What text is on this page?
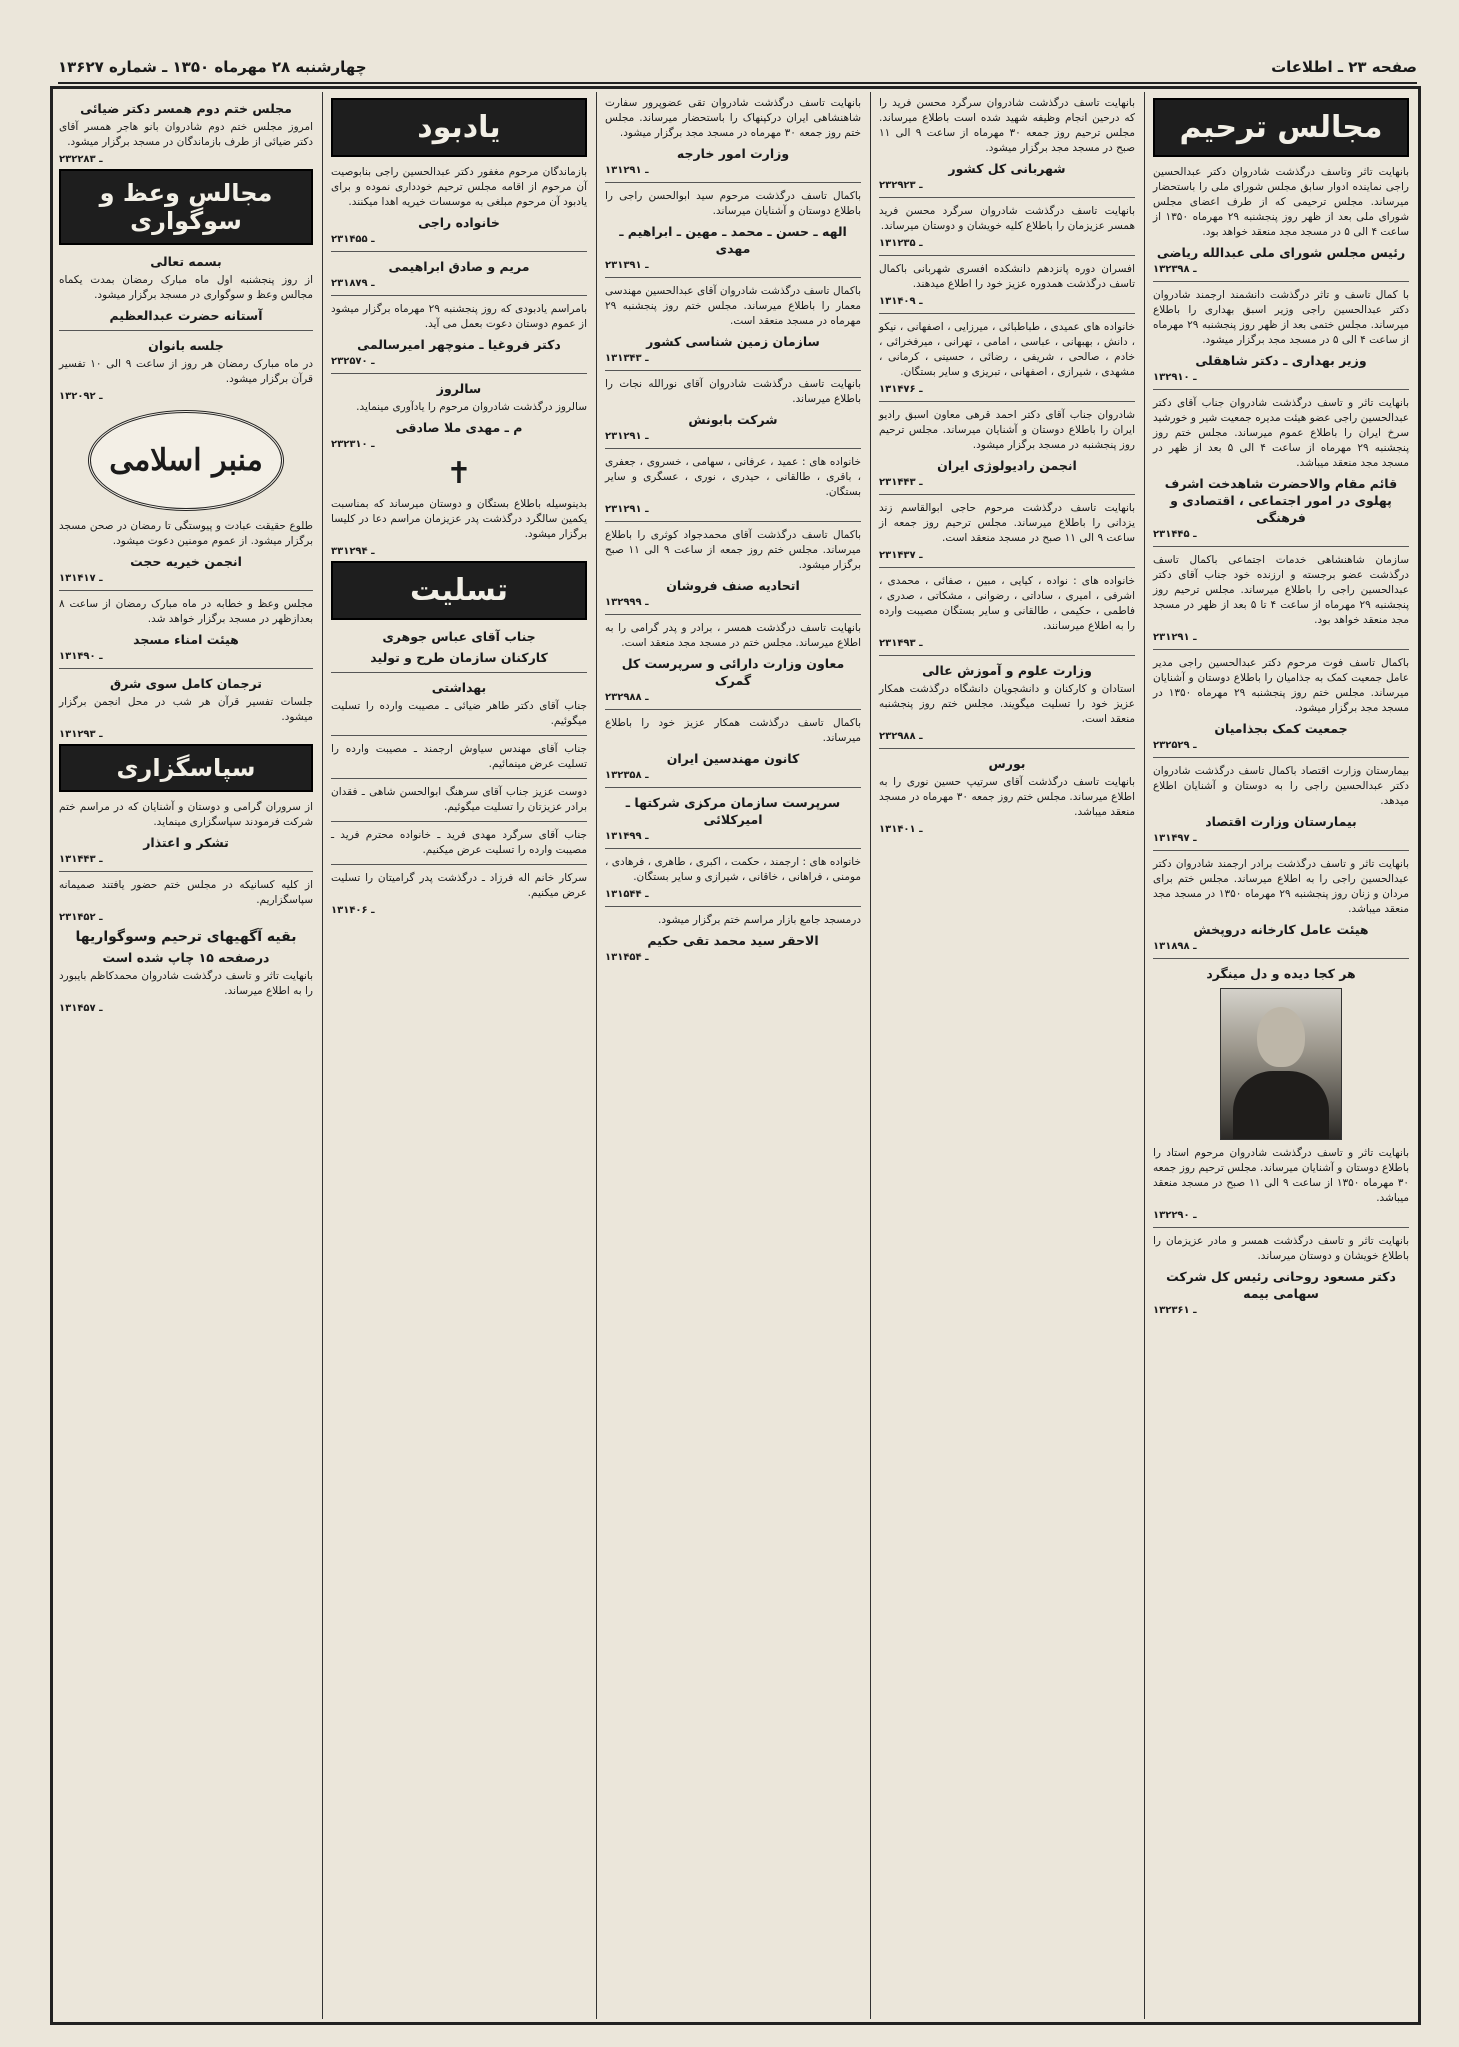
صفحه ۲۳ ـ اطلاعات
چهارشنبه ۲۸ مهرماه ۱۳۵۰ ـ شماره ۱۳۶۲۷
مجالس ترحیم

بانهایت تاثر وتاسف درگذشت شادروان دکتر عبدالحسین راجی نماینده ادوار سابق مجلس شورای ملی را باستحضار میرساند. مجلس ترحیمی که از طرف اعضای مجلس شورای ملی بعد از ظهر روز پنجشنبه ۲۹ مهرماه ۱۳۵۰ از ساعت ۴ الی ۵ در مسجد مجد منعقد خواهد بود.

رئیس مجلس شورای ملی عبدالله ریاضی
۱ـ ۳۲۳۹۸

با کمال تاسف و تاثر درگذشت دانشمند ارجمند شادروان دکتر عبدالحسین راجی وزیر اسبق بهداری را باطلاع میرساند. مجلس ختمی بعد از ظهر روز پنجشنبه ۲۹ مهرماه از ساعت ۴ الی ۵ در مسجد مجد برگزار میشود.

وزیر بهداری ـ دکتر شاهقلی
۱ـ ۳۲۹۱۰

بانهایت تاثر و تاسف درگذشت شادروان جناب آقای دکتر عبدالحسین راجی عضو هیئت مدیره جمعیت شیر و خورشید سرخ ایران را باطلاع عموم میرساند. مجلس ختم روز پنجشنبه ۲۹ مهرماه از ساعت ۴ الی ۵ بعد از ظهر در مسجد مجد منعقد میباشد.

قائم مقام والاحضرت شاهدخت اشرف پهلوی در امور اجتماعی ، اقتصادی و فرهنگی
۲ـ ۳۱۴۴۵

سازمان شاهنشاهی خدمات اجتماعی باکمال تاسف درگذشت عضو برجسته و ارزنده خود جناب آقای دکتر عبدالحسین راجی را باطلاع میرساند. مجلس ترحیم روز پنجشنبه ۲۹ مهرماه از ساعت ۴ تا ۵ بعد از ظهر در مسجد مجد منعقد خواهد بود.

۲ـ ۳۱۲۹۱

باکمال تاسف فوت مرحوم دکتر عبدالحسین راجی مدیر عامل جمعیت کمک به جذامیان را باطلاع دوستان و آشنایان میرساند. مجلس ختم روز پنجشنبه ۲۹ مهرماه ۱۳۵۰ در مسجد مجد برگزار میشود.

جمعیت کمک بجذامیان
۲ـ ۳۲۵۲۹

بیمارستان وزارت اقتصاد باکمال تاسف درگذشت شادروان دکتر عبدالحسین راجی را به دوستان و آشنایان اطلاع میدهد.

بیمارستان وزارت اقتصاد
۱ـ ۳۱۴۹۷

بانهایت تاثر و تاسف درگذشت برادر ارجمند شادروان دکتر عبدالحسین راجی را به اطلاع میرساند. مجلس ختم برای مردان و زنان روز پنجشنبه ۲۹ مهرماه ۱۳۵۰ در مسجد مجد منعقد میباشد.

هیئت عامل کارخانه دروپخش
۱ـ ۳۱۸۹۸
هر کجا دیده و دل مینگرد

بانهایت تاثر و تاسف درگذشت شادروان مرحوم استاد را باطلاع دوستان و آشنایان میرساند. مجلس ترحیم روز جمعه ۳۰ مهرماه ۱۳۵۰ از ساعت ۹ الی ۱۱ صبح در مسجد منعقد میباشد.

۱ـ ۳۲۲۹۰

بانهایت تاثر و تاسف درگذشت همسر و مادر عزیزمان را باطلاع خویشان و دوستان میرساند.

دکتر مسعود روحانی رئیس کل شرکت سهامی بیمه
۱ـ ۳۲۳۶۱

بانهایت تاسف درگذشت شادروان سرگرد محسن فرید را که درحین انجام وظیفه شهید شده است باطلاع میرساند. مجلس ترحیم روز جمعه ۳۰ مهرماه از ساعت ۹ الی ۱۱ صبح در مسجد مجد برگزار میشود.

شهربانی کل کشور
۲ـ ۳۲۹۲۳

بانهایت تاسف درگذشت شادروان سرگرد محسن فرید همسر عزیزمان را باطلاع کلیه خویشان و دوستان میرساند.

۱ـ ۳۱۲۳۵

افسران دوره پانزدهم دانشکده افسری شهربانی باکمال تاسف درگذشت همدوره عزیز خود را اطلاع میدهند.

۱ـ ۳۱۴۰۹

خانواده های عمیدی ، طباطبائی ، میرزایی ، اصفهانی ، نیکو ، دانش ، بهبهانی ، عباسی ، امامی ، تهرانی ، میرفخرائی ، خادم ، صالحی ، شریفی ، رضائی ، حسینی ، کرمانی ، مشهدی ، شیرازی ، اصفهانی ، تبریزی و سایر بستگان.

۱ـ ۳۱۴۷۶

شادروان جناب آقای دکتر احمد قرهی معاون اسبق رادیو ایران را باطلاع دوستان و آشنایان میرساند. مجلس ترحیم روز پنجشنبه در مسجد برگزار میشود.

انجمن رادیولوژی ایران
۲ـ ۳۱۴۴۳

بانهایت تاسف درگذشت مرحوم حاجی ابوالقاسم زند یزدانی را باطلاع میرساند. مجلس ترحیم روز جمعه از ساعت ۹ الی ۱۱ صبح در مسجد منعقد است.

۲ـ ۳۱۴۳۷

خانواده های : نواده ، کیایی ، مبین ، صفائی ، محمدی ، اشرفی ، امیری ، ساداتی ، رضوانی ، مشکاتی ، صدری ، فاطمی ، حکیمی ، طالقانی و سایر بستگان مصیبت وارده را به اطلاع میرسانند.

۲ـ ۳۱۴۹۳
وزارت علوم و آموزش عالی

استادان و کارکنان و دانشجویان دانشگاه درگذشت همکار عزیز خود را تسلیت میگویند. مجلس ختم روز پنجشنبه منعقد است.

۲ـ ۳۲۹۸۸
بورس

بانهایت تاسف درگذشت آقای سرتیپ حسین نوری را به اطلاع میرساند. مجلس ختم روز جمعه ۳۰ مهرماه در مسجد منعقد میباشد.

۱ـ ۳۱۴۰۱

بانهایت تاسف درگذشت شادروان تقی عضوپرور سفارت شاهنشاهی ایران درکپنهاک را باستحضار میرساند. مجلس ختم روز جمعه ۳۰ مهرماه در مسجد مجد برگزار میشود.

وزارت امور خارجه
۱ـ ۳۱۲۹۱

باکمال تاسف درگذشت مرحوم سید ابوالحسن راجی را باطلاع دوستان و آشنایان میرساند.

الهه ـ حسن ـ محمد ـ مهین ـ ابراهیم ـ مهدی
۲ـ ۳۱۳۹۱

باکمال تاسف درگذشت شادروان آقای عبدالحسین مهندسی معمار را باطلاع میرساند. مجلس ختم روز پنجشنبه ۲۹ مهرماه در مسجد منعقد است.

سازمان زمین شناسی کشور
۱ـ ۳۱۳۴۳

بانهایت تاسف درگذشت شادروان آقای نورالله نجات را باطلاع میرساند.

شرکت بابونش
۲ـ ۳۱۲۹۱

خانواده های : عمید ، عرفانی ، سهامی ، خسروی ، جعفری ، باقری ، طالقانی ، حیدری ، نوری ، عسگری و سایر بستگان.

۲ـ ۳۱۲۹۱

باکمال تاسف درگذشت آقای محمدجواد کوثری را باطلاع میرساند. مجلس ختم روز جمعه از ساعت ۹ الی ۱۱ صبح برگزار میشود.

اتحادیه صنف فروشان
۱ـ ۳۲۹۹۹

بانهایت تاسف درگذشت همسر ، برادر و پدر گرامی را به اطلاع میرساند. مجلس ختم در مسجد مجد منعقد است.

معاون وزارت دارائی و سرپرست کل گمرک
۲ـ ۳۲۹۸۸

باکمال تاسف درگذشت همکار عزیز خود را باطلاع میرساند.

کانون مهندسین ایران
۱ـ ۳۲۳۵۸
سرپرست سازمان مرکزی شرکتها ـ امیرکلائی
۱ـ ۳۱۴۹۹

خانواده های : ارجمند ، حکمت ، اکبری ، طاهری ، فرهادی ، مومنی ، فراهانی ، خاقانی ، شیرازی و سایر بستگان.

۱ـ ۳۱۵۴۴

درمسجد جامع بازار مراسم ختم برگزار میشود.

الاحقر سید محمد تقی حکیم
۱ـ ۳۱۴۵۴
یادبود

بازماندگان مرحوم مغفور دکتر عبدالحسین راجی بنابوصیت آن مرحوم از اقامه مجلس ترحیم خودداری نموده و برای یادبود آن مرحوم مبلغی به موسسات خیریه اهدا میکنند.

خانواده راجی
۲ـ ۳۱۴۵۵
مریم و صادق ابراهیمی
۲ـ ۳۱۸۷۹

بامراسم یادبودی که روز پنجشنبه ۲۹ مهرماه برگزار میشود از عموم دوستان دعوت بعمل می آید.

دکتر فروغیا ـ منوچهر امیرسالمی
۲ـ ۳۲۵۷۰
سالروز

سالروز درگذشت شادروان مرحوم را یادآوری مینماید.

م ـ مهدی ملا صادقی
۲ـ ۳۲۳۱۰
✝

بدینوسیله باطلاع بستگان و دوستان میرساند که بمناسبت یکمین سالگرد درگذشت پدر عزیزمان مراسم دعا در کلیسا برگزار میشود.

۳ـ ۳۱۲۹۴
تسلیت
جناب آقای عباس جوهری
کارکنان سازمان طرح و تولید
بهداشتی

جناب آقای دکتر طاهر ضیائی ـ مصیبت وارده را تسلیت میگوئیم.

جناب آقای مهندس سیاوش ارجمند ـ مصیبت وارده را تسلیت عرض مینمائیم.

دوست عزیز جناب آقای سرهنگ ابوالحسن شاهی ـ فقدان برادر عزیزتان را تسلیت میگوئیم.

جناب آقای سرگرد مهدی فرید ـ خانواده محترم فرید ـ مصیبت وارده را تسلیت عرض میکنیم.

سرکار خانم اله فرزاد ـ درگذشت پدر گرامیتان را تسلیت عرض میکنیم.

۱ـ ۳۱۴۰۶
مجلس ختم دوم همسر دکتر ضیائی

امروز مجلس ختم دوم شادروان بانو هاجر همسر آقای دکتر ضیائی از طرف بازماندگان در مسجد برگزار میشود.

۲ـ ۳۲۲۸۳
مجالس وعظ و سوگواری
بسمه تعالی

از روز پنجشنبه اول ماه مبارک رمضان بمدت یکماه مجالس وعظ و سوگواری در مسجد برگزار میشود.

آستانه حضرت عبدالعظیم
جلسه بانوان

در ماه مبارک رمضان هر روز از ساعت ۹ الی ۱۰ تفسیر قرآن برگزار میشود.

۱ـ ۳۲۰۹۲
منبر اسلامی

طلوع حقیقت عبادت و پیوستگی تا رمضان در صحن مسجد برگزار میشود. از عموم مومنین دعوت میشود.

انجمن خیریه حجت
۱ـ ۳۱۴۱۷

مجلس وعظ و خطابه در ماه مبارک رمضان از ساعت ۸ بعدازظهر در مسجد برگزار خواهد شد.

هیئت امناء مسجد
۱ـ ۳۱۴۹۰
ترجمان کامل سوی شرق

جلسات تفسیر قرآن هر شب در محل انجمن برگزار میشود.

۱ـ ۳۱۲۹۳
سپاسگزاری

از سروران گرامی و دوستان و آشنایان که در مراسم ختم شرکت فرمودند سپاسگزاری مینماید.

تشکر و اعتذار
۱ـ ۳۱۴۴۳

از کلیه کسانیکه در مجلس ختم حضور یافتند صمیمانه سپاسگزاریم.

۲ـ ۳۱۴۵۲
بقیه آگهیهای ترحیم وسوگواریها
درصفحه ۱۵ چاپ شده است

بانهایت تاثر و تاسف درگذشت شادروان محمدکاظم بایبورد را به اطلاع میرساند.

۱ـ ۳۱۴۵۷
